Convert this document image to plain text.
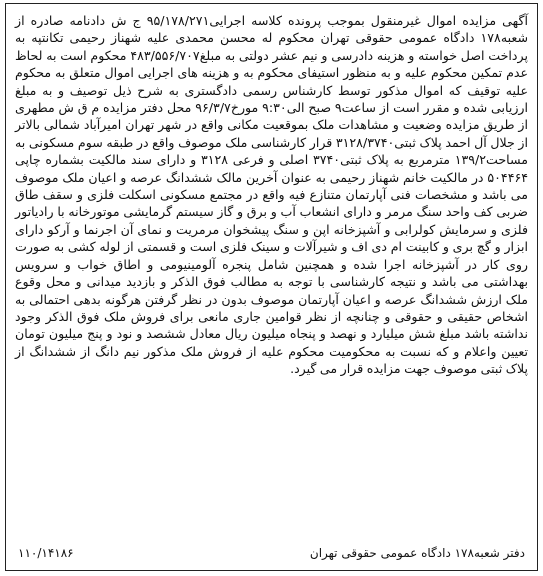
آگهی مزایده اموال غیرمنقول بموجب پرونده کلاسه اجرایی۹۵/۱۷۸/۲۷۱ ج ش دادنامه صادره از شعبه۱۷۸ دادگاه عمومی حقوقی تهران محکوم له محسن محمدی علیه شهناز رحیمی تکانتپه به پرداخت اصل خواسته و هزینه دادرسی و نیم عشر دولتی به مبلغ۴۸۳/۵۵۶/۷۰۷ محکوم است به لحاظ عدم تمکین محکوم علیه و به منظور استیفای محکوم به و هزینه های اجرایی اموال متعلق به محکوم علیه توقیف که اموال مذکور توسط کارشناس رسمی دادگستری به شرح ذیل توصیف و به مبلغ ارزیابی شده و مقرر است از ساعت۹ صبح الی۹:۳۰ مورخ۹۶/۳/۷ محل دفتر مزایده م ق ش مطهری از طریق مزایده وضعیت و مشاهدات ملک بموقعیت مکانی واقع در شهر تهران امیرآباد شمالی بالاتر از جلال آل احمد پلاک ثبتی۳۱۲۸/۳۷۴۰ قرار کارشناسی ملک موصوف واقع در طبقه سوم مسکونی به مساحت۱۳۹/۲ مترمربع به پلاک ثبتی۳۷۴۰ اصلی و فرعی ۳۱۲۸ و دارای سند مالکیت بشماره چاپی ۵۰۴۴۶۴ در مالکیت خانم شهناز رحیمی به عنوان آخرین مالک ششدانگ عرصه و اعیان ملک موصوف می باشد و مشخصات فنی آپارتمان متنازع فیه واقع در مجتمع مسکونی اسکلت فلزی و سقف طاق ضربی کف واحد سنگ مرمر و دارای انشعاب آب و برق و گاز سیستم گرمایشی موتورخانه با رادیاتور فلزی و سرمایش کولرابی و آشپزخانه اپن و سنگ پیشخوان مرمریت و نمای آن اجرنما و آرکو دارای ابزار و گچ بری و کابینت ام دی اف و شیرآلات و سینک فلزی است و قسمتی از لوله کشی به صورت روی کار در آشپزخانه اجرا شده و همچنین شامل پنجره آلومینیومی و اطاق خواب و سرویس بهداشتی می باشد و نتیجه کارشناسی با توجه به مطالب فوق الذکر و بازدید میدانی و محل وقوع ملک ارزش ششدانگ عرصه و اعیان آپارتمان موصوف بدون در نظر گرفتن هرگونه بدهی احتمالی به اشخاص حقیقی و حقوقی و چنانچه از نظر قوامین جاری مانعی برای فروش ملک فوق الذکر وجود نداشته باشد مبلغ شش میلیارد و نهصد و پنجاه میلیون ریال معادل ششصد و نود و پنج میلیون تومان تعیین واعلام و که نسبت به محکومیت محکوم علیه از فروش ملک مذکور نیم دانگ از ششدانگ از پلاک ثبتی موصوف جهت مزایده قرار می گیرد.

دفتر شعبه۱۷۸ دادگاه عمومی حقوقی تهران
۱۱۰/۱۴۱۸۶
